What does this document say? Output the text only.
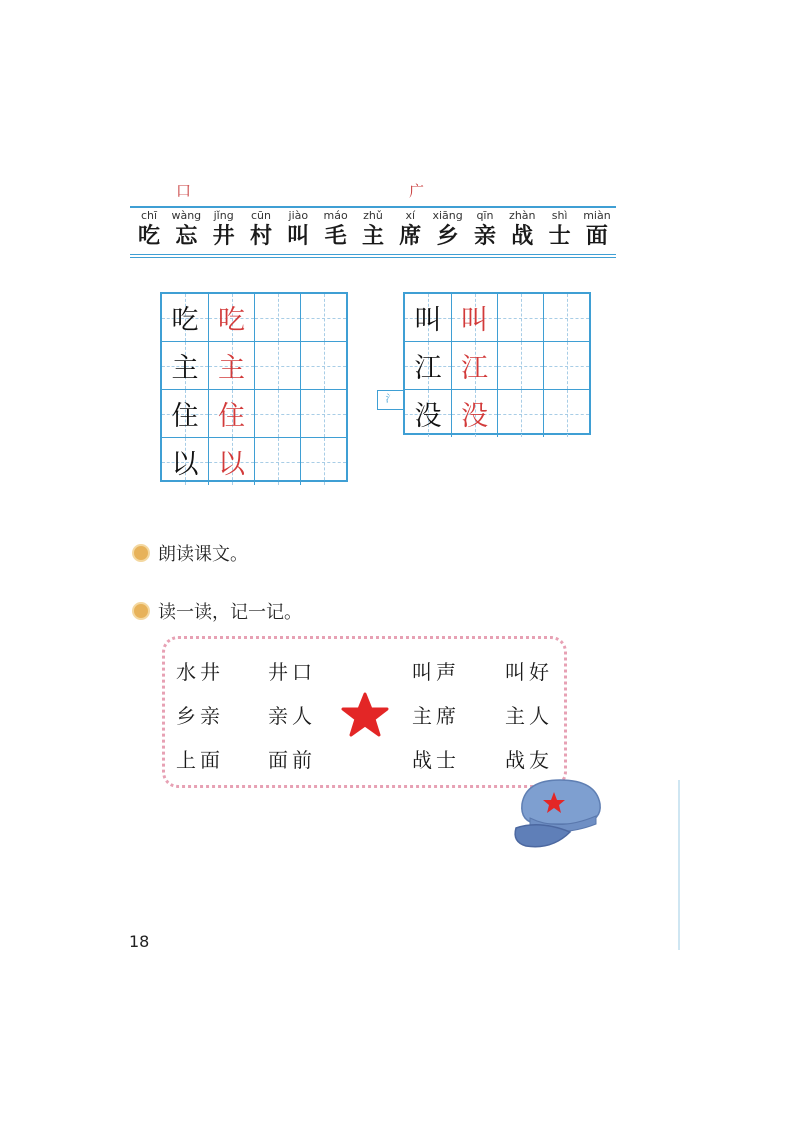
口	广
chī
吃
wàng
忘
jǐng
井
cūn
村
jiào
叫
máo
毛
zhǔ
主
xí
席
xiāng
乡
qīn
亲
zhàn
战
shì
士
miàn
面
吃 吃
主 主
住 住
以 以
叫 叫
江 江
没 没
氵
朗读课文。
读一读，记一记。
水井 井口
乡亲 亲人
上面 面前
叫声 叫好
主席 主人
战士 战友
18
